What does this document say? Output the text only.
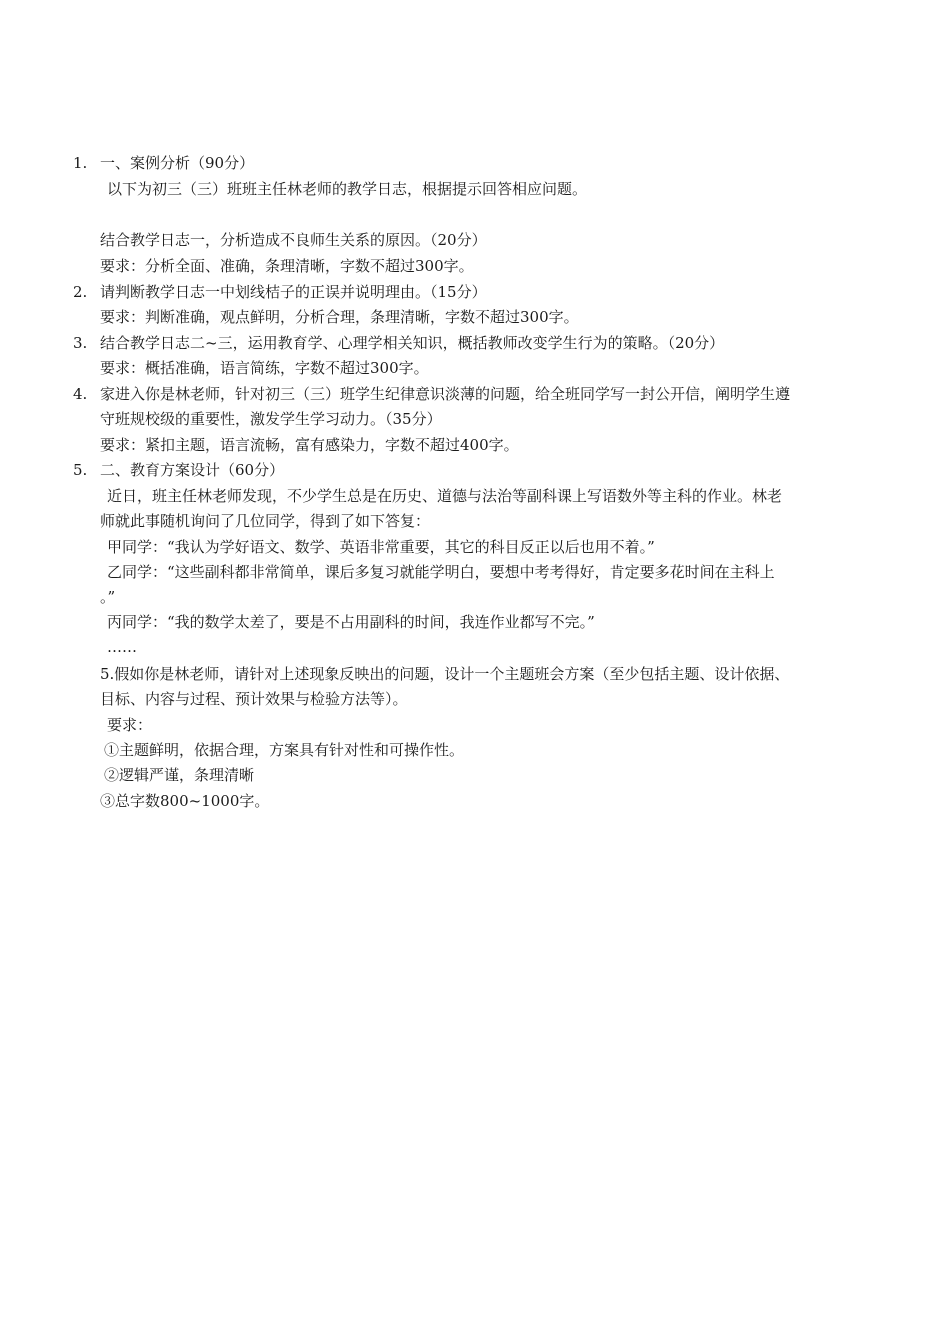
1. 一、案例分析（90分）
以下为初三（三）班班主任林老师的教学日志，根据提示回答相应问题。
结合教学日志一，分析造成不良师生关系的原因。（20分）
要求：分析全面、准确，条理清晰，字数不超过300字。
2. 请判断教学日志一中划线桔子的正误并说明理由。（15分）
要求：判断准确，观点鲜明，分析合理，条理清晰，字数不超过300字。
3. 结合教学日志二~三，运用教育学、心理学相关知识，概括教师改变学生行为的策略。（20分）
要求：概括准确，语言简练，字数不超过300字。
4. 家进入你是林老师，针对初三（三）班学生纪律意识淡薄的问题，给全班同学写一封公开信，阐明学生遵
守班规校级的重要性，激发学生学习动力。（35分）
要求：紧扣主题，语言流畅，富有感染力，字数不超过400字。
5. 二、教育方案设计（60分）
近日，班主任林老师发现，不少学生总是在历史、道德与法治等副科课上写语数外等主科的作业。林老
师就此事随机询问了几位同学，得到了如下答复：
甲同学：“我认为学好语文、数学、英语非常重要，其它的科目反正以后也用不着。”
乙同学：“这些副科都非常简单，课后多复习就能学明白，要想中考考得好，肯定要多花时间在主科上
。”
丙同学：“我的数学太差了，要是不占用副科的时间，我连作业都写不完。”
……
5.假如你是林老师，请针对上述现象反映出的问题，设计一个主题班会方案（至少包括主题、设计依据、
目标、内容与过程、预计效果与检验方法等）。
要求：
①主题鲜明，依据合理，方案具有针对性和可操作性。
②逻辑严谨，条理清晰
③总字数800~1000字。
